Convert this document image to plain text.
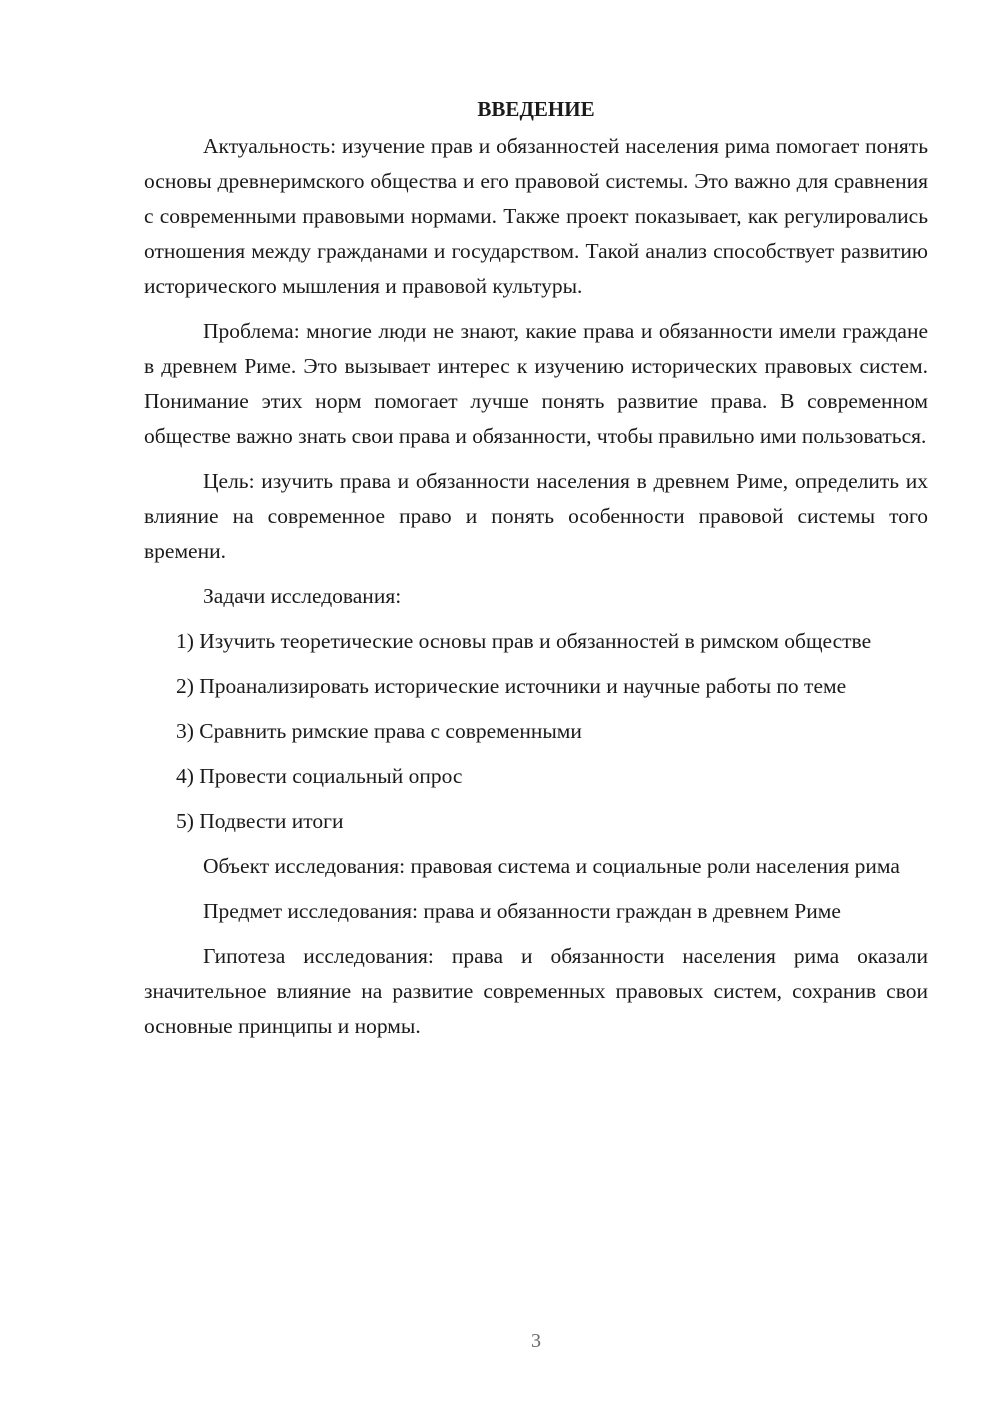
ВВЕДЕНИЕ

Актуальность: изучение прав и обязанностей населения рима помогает понять основы древнеримского общества и его правовой системы. Это важно для сравнения с современными правовыми нормами. Также проект показывает, как регулировались отношения между гражданами и государством. Такой анализ способствует развитию исторического мышления и правовой культуры.

Проблема: многие люди не знают, какие права и обязанности имели граждане в древнем Риме. Это вызывает интерес к изучению исторических правовых систем. Понимание этих норм помогает лучше понять развитие права. В современном обществе важно знать свои права и обязанности, чтобы правильно ими пользоваться.

Цель: изучить права и обязанности населения в древнем Риме, определить их влияние на современное право и понять особенности правовой системы того времени.

Задачи исследования:
1) Изучить теоретические основы прав и обязанностей в римском обществе
2) Проанализировать исторические источники и научные работы по теме
3) Сравнить римские права с современными
4) Провести социальный опрос
5) Подвести итоги

Объект исследования: правовая система и социальные роли населения рима

Предмет исследования: права и обязанности граждан в древнем Риме

Гипотеза исследования: права и обязанности населения рима оказали значительное влияние на развитие современных правовых систем, сохранив свои основные принципы и нормы.

3
